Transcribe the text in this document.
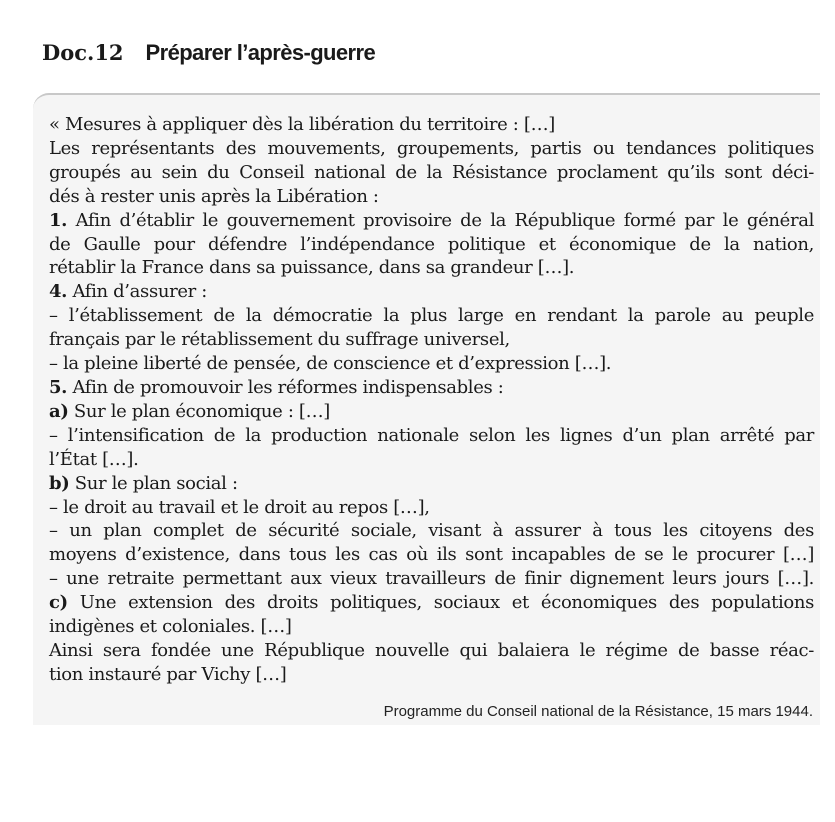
Doc.12 Préparer l’après-guerre
« Mesures à appliquer dès la libération du territoire : […]
Les représentants des mouvements, groupements, partis ou tendances politiques
groupés au sein du Conseil national de la Résistance proclament qu’ils sont déci-
dés à rester unis après la Libération :
1. Afin d’établir le gouvernement provisoire de la République formé par le général
de Gaulle pour défendre l’indépendance politique et économique de la nation,
rétablir la France dans sa puissance, dans sa grandeur […].
4. Afin d’assurer :
– l’établissement de la démocratie la plus large en rendant la parole au peuple
français par le rétablissement du suffrage universel,
– la pleine liberté de pensée, de conscience et d’expression […].
5. Afin de promouvoir les réformes indispensables :
a) Sur le plan économique : […]
– l’intensification de la production nationale selon les lignes d’un plan arrêté par
l’État […].
b) Sur le plan social :
– le droit au travail et le droit au repos […],
– un plan complet de sécurité sociale, visant à assurer à tous les citoyens des
moyens d’existence, dans tous les cas où ils sont incapables de se le procurer […]
– une retraite permettant aux vieux travailleurs de finir dignement leurs jours […].
c) Une extension des droits politiques, sociaux et économiques des populations
indigènes et coloniales. […]
Ainsi sera fondée une République nouvelle qui balaiera le régime de basse réac-
tion instauré par Vichy […]
Programme du Conseil national de la Résistance, 15 mars 1944.
